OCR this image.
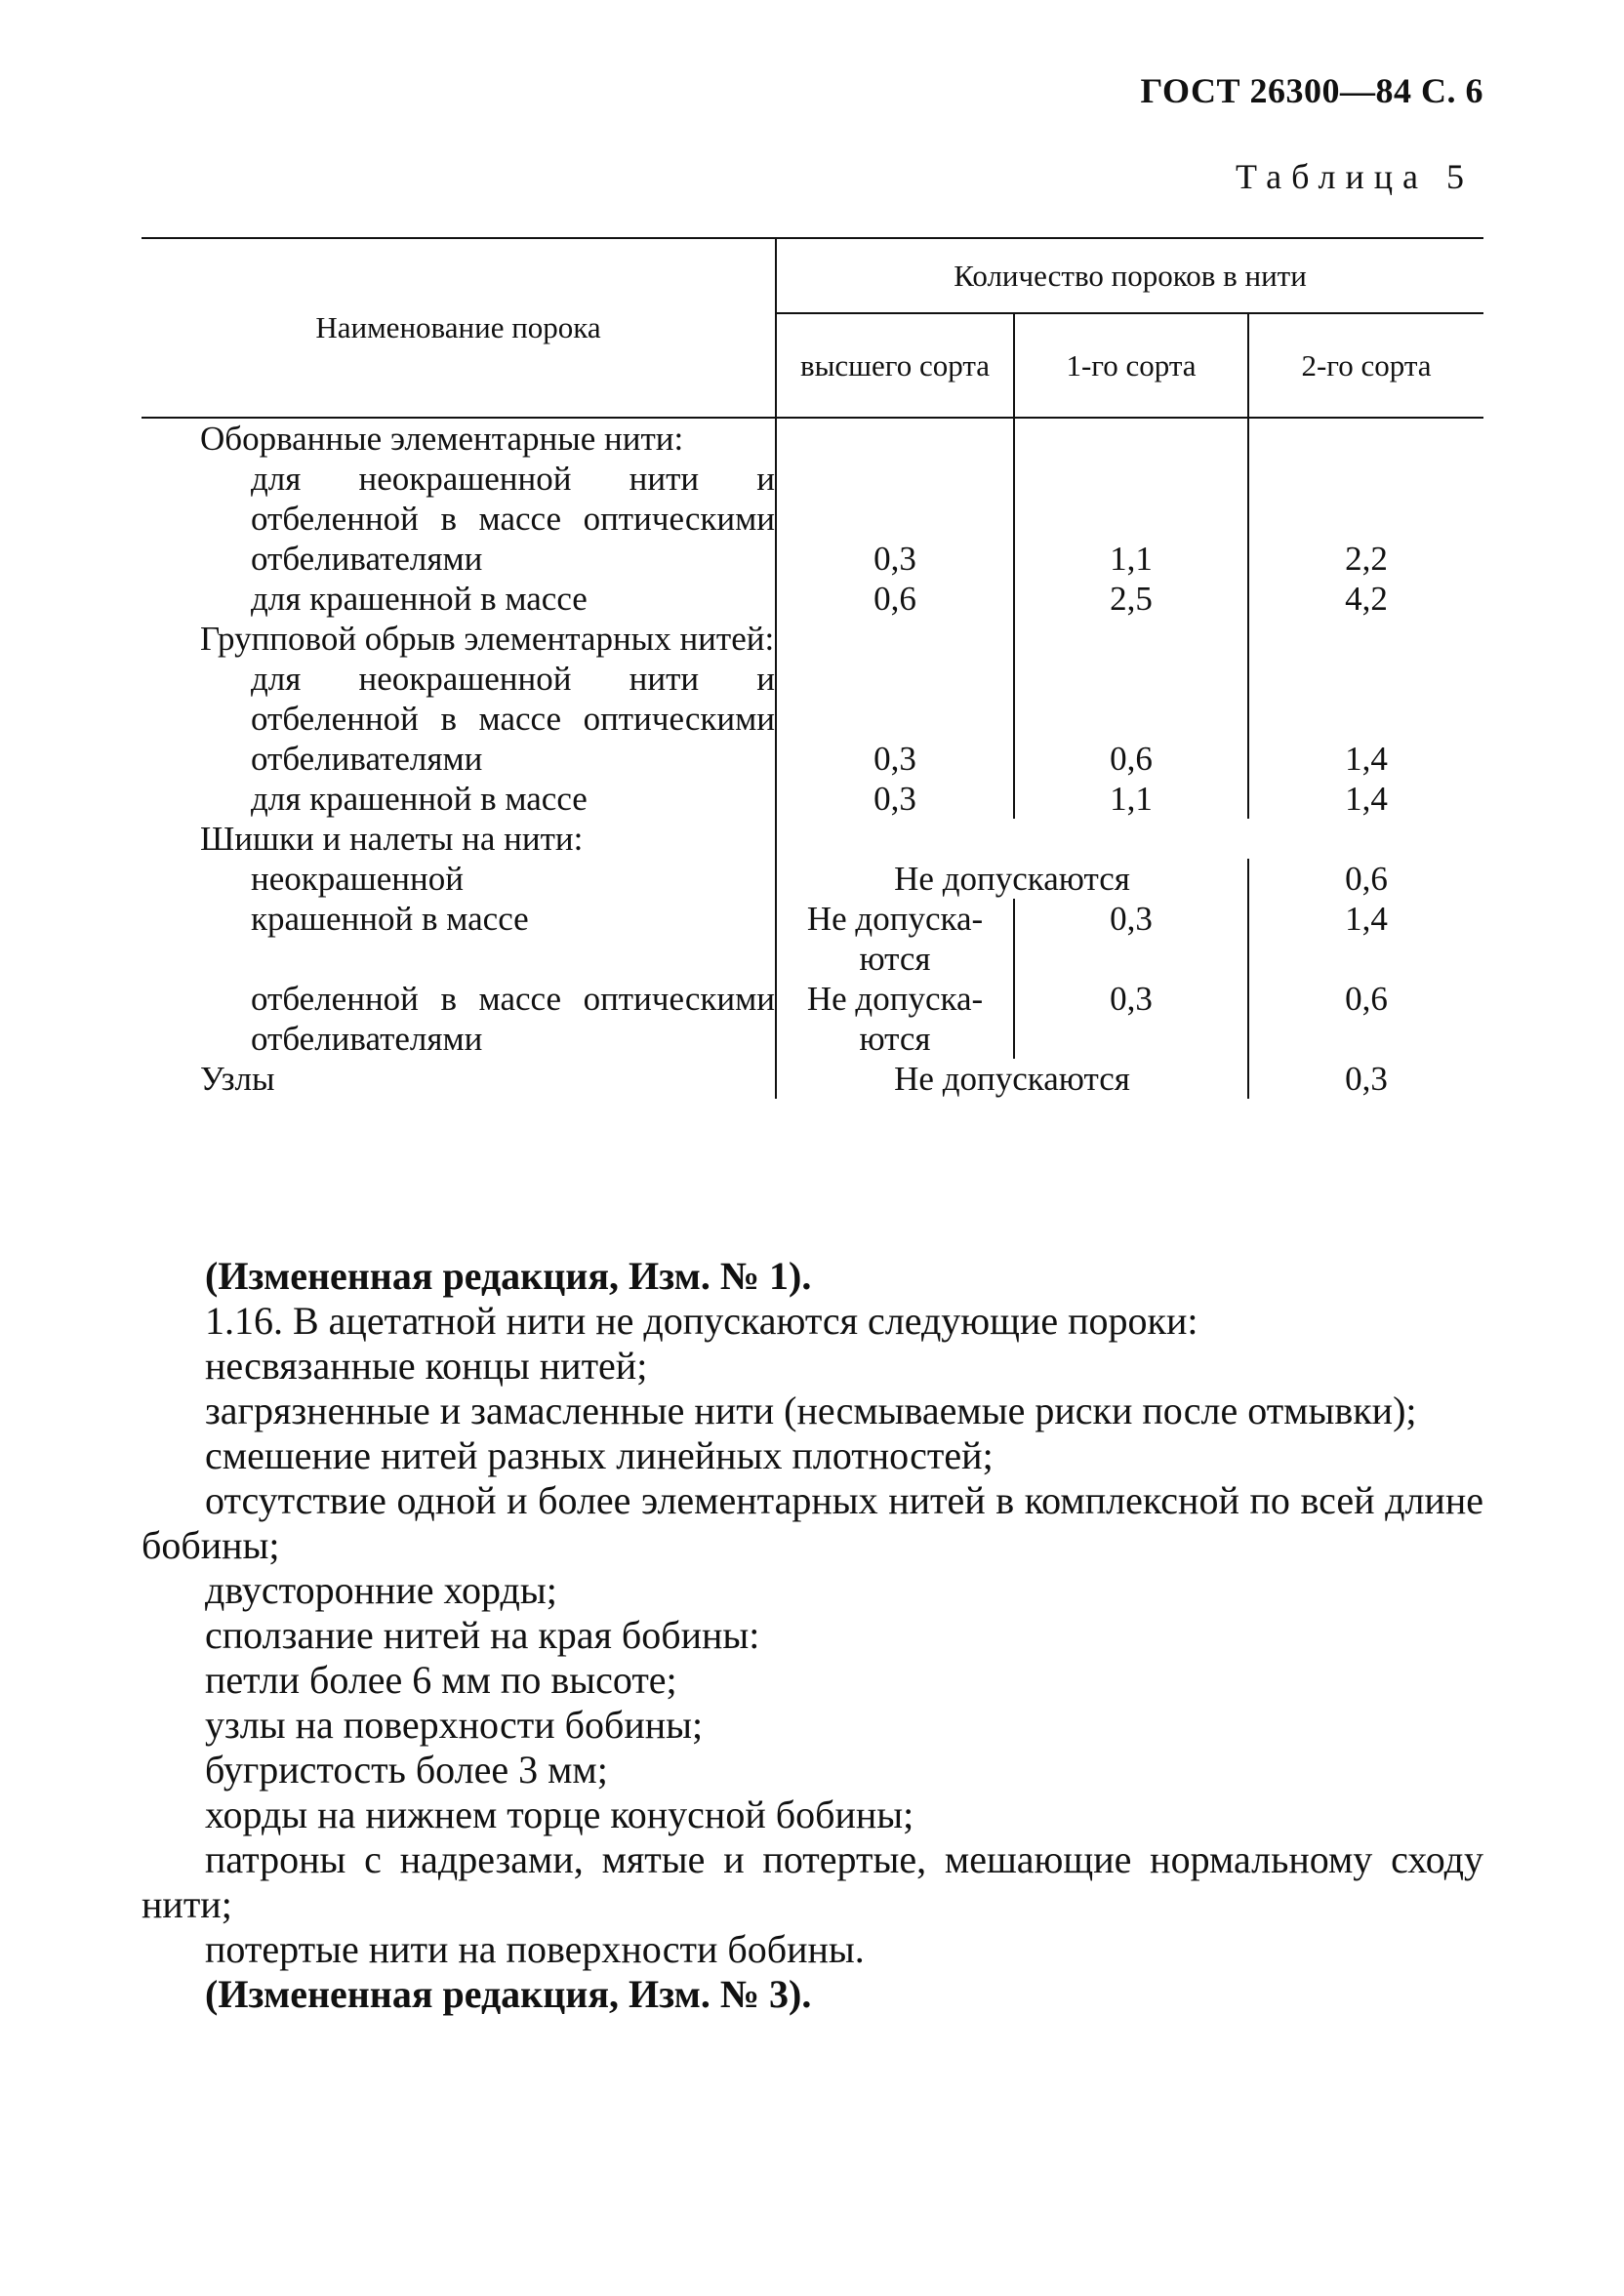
ГОСТ 26300—84 С. 6
Таблица 5
Наименование порока	Количество пороков в нити		
	высшего сорта	1-го сорта	2-го сорта
Оборванные элементарные нити:			
для неокрашенной нити и отбеленной в массе оптическими отбеливателями	0,3	1,1	2,2
для крашенной в массе	0,6	2,5	4,2
Групповой обрыв элементарных нитей:			
для неокрашенной нити и отбеленной в массе оптическими отбеливателями	0,3	0,6	1,4
для крашенной в массе	0,3	1,1	1,4
Шишки и налеты на нити:			
неокрашенной	Не допускаются		0,6
крашенной в массе	Не допуска-ются	0,3	1,4
отбеленной в массе оптическими отбеливателями	Не допуска-ются	0,3	0,6
Узлы	Не допускаются		0,3

(Измененная редакция, Изм. № 1).

1.16. В ацетатной нити не допускаются следующие пороки:

несвязанные концы нитей;

загрязненные и замасленные нити (несмываемые риски после отмывки);

смешение нитей разных линейных плотностей;

отсутствие одной и более элементарных нитей в комплексной по всей длине бобины;

двусторонние хорды;

сползание нитей на края бобины:

петли более 6 мм по высоте;

узлы на поверхности бобины;

бугристость более 3 мм;

хорды на нижнем торце конусной бобины;

патроны с надрезами, мятые и потертые, мешающие нормальному сходу нити;

потертые нити на поверхности бобины.

(Измененная редакция, Изм. № 3).
